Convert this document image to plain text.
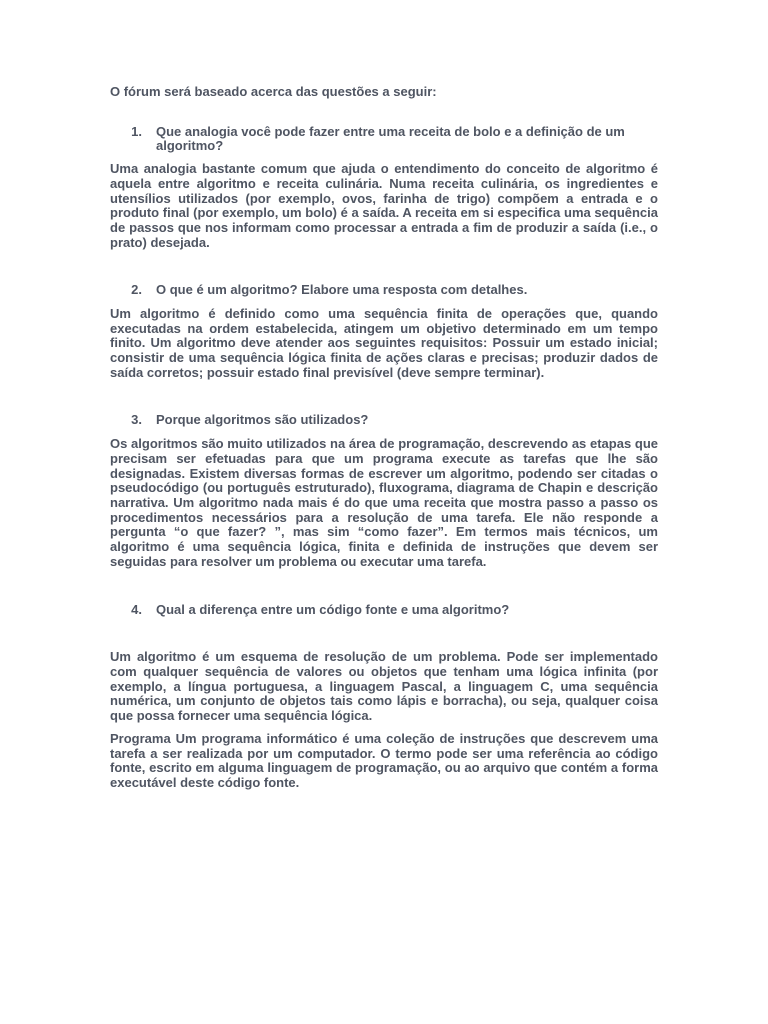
O fórum será baseado acerca das questões a seguir:

1.	Que analogia você pode fazer entre uma receita de bolo e a definição de um algoritmo?

Uma analogia bastante comum que ajuda o entendimento do conceito de algoritmo é aquela entre algoritmo e receita culinária. Numa receita culinária, os ingredientes e utensílios utilizados (por exemplo, ovos, farinha de trigo) compõem a entrada e o produto final (por exemplo, um bolo) é a saída. A receita em si especifica uma sequência de passos que nos informam como processar a entrada a fim de produzir a saída (i.e., o prato) desejada.

2.	O que é um algoritmo? Elabore uma resposta com detalhes.

Um algoritmo é definido como uma sequência finita de operações que, quando executadas na ordem estabelecida, atingem um objetivo determinado em um tempo finito. Um algoritmo deve atender aos seguintes requisitos: Possuir um estado inicial; consistir de uma sequência lógica finita de ações claras e precisas; produzir dados de saída corretos; possuir estado final previsível (deve sempre terminar).

3.	Porque algoritmos são utilizados?

Os algoritmos são muito utilizados na área de programação, descrevendo as etapas que precisam ser efetuadas para que um programa execute as tarefas que lhe são designadas. Existem diversas formas de escrever um algoritmo, podendo ser citadas o pseudocódigo (ou português estruturado), fluxograma, diagrama de Chapin e descrição narrativa. Um algoritmo nada mais é do que uma receita que mostra passo a passo os procedimentos necessários para a resolução de uma tarefa. Ele não responde a pergunta “o que fazer? ”, mas sim “como fazer”. Em termos mais técnicos, um algoritmo é uma sequência lógica, finita e definida de instruções que devem ser seguidas para resolver um problema ou executar uma tarefa.

4.	Qual a diferença entre um código fonte e uma algoritmo?

Um algoritmo é um esquema de resolução de um problema. Pode ser implementado com qualquer sequência de valores ou objetos que tenham uma lógica infinita (por exemplo, a língua portuguesa, a linguagem Pascal, a linguagem C, uma sequência numérica, um conjunto de objetos tais como lápis e borracha), ou seja, qualquer coisa que possa fornecer uma sequência lógica.

Programa Um programa informático é uma coleção de instruções que descrevem uma tarefa a ser realizada por um computador. O termo pode ser uma referência ao código fonte, escrito em alguma linguagem de programação, ou ao arquivo que contém a forma executável deste código fonte.
